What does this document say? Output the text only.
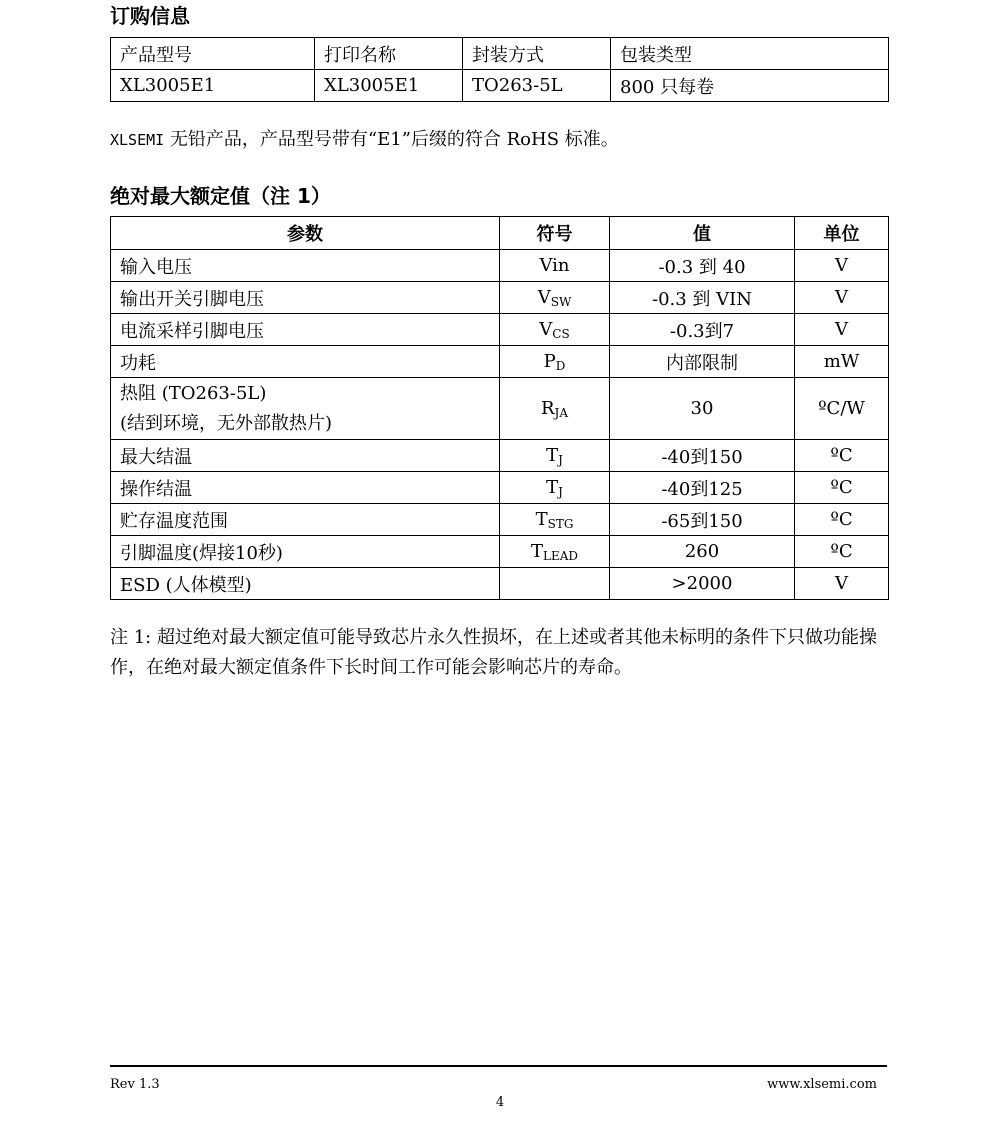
订购信息
产品型号	打印名称	封装方式	包装类型
XL3005E1	XL3005E1	TO263-5L	800 只每卷

XLSEMI 无铅产品，产品型号带有“E1”后缀的符合 RoHS 标准。

绝对最大额定值（注 1）
参数	符号	值	单位
输入电压	Vin	-0.3 到 40	V
输出开关引脚电压	$V_{SW}$	-0.3 到 VIN	V
电流采样引脚电压	$V_{CS}$	-0.3到7	V
功耗	$P_D$	内部限制	mW

热阻 (TO263-5L)
(结到环境，无外部散热片)	$R_{JA}$	30	ºC/W
最大结温	$T_J$	-40到150	ºC
操作结温	$T_J$	-40到125	ºC
贮存温度范围	$T_{STG}$	-65到150	ºC
引脚温度(焊接10秒)	$T_{LEAD}$	260	ºC
ESD (人体模型)		>2000	V

注 1: 超过绝对最大额定值可能导致芯片永久性损坏，在上述或者其他未标明的条件下只做功能操作，在绝对最大额定值条件下长时间工作可能会影响芯片的寿命。

Rev 1.3	www.xlsemi.com
4
